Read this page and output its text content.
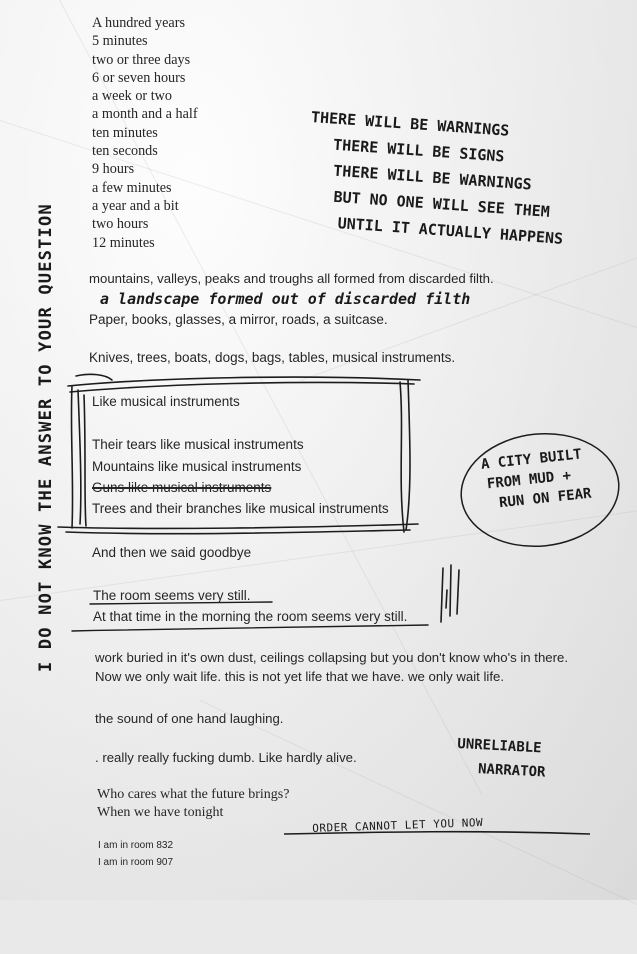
A hundred years
5 minutes
two or three days
6 or seven hours
a week or two
a month and a half
ten minutes
ten seconds
9 hours
a few minutes
a year and a bit
two hours
12 minutes
THERE WILL BE WARNINGS
THERE WILL BE SIGNS
THERE WILL BE WARNINGS
BUT NO ONE WILL SEE THEM
UNTIL IT ACTUALLY HAPPENS
I DO NOT KNOW THE ANSWER TO YOUR QUESTION	mountains, valleys, peaks and troughs all formed from discarded filth.
a landscape formed out of discarded filth
Paper, books, glasses, a mirror, roads, a suitcase.
Knives, trees, boats, dogs, bags, tables, musical instruments.
Like musical instruments
Their tears like musical instruments
Mountains like musical instruments
Guns like musical instruments
Trees and their branches like musical instruments
A CITY BUILT
FROM MUD +
RUN ON FEAR
And then we said goodbye
The room seems very still.
At that time in the morning the room seems very still.
work buried in it's own dust, ceilings collapsing but you don't know who's in there.
Now we only wait life. this is not yet life that we have. we only wait life.
the sound of one hand laughing.
. really really fucking dumb. Like hardly alive.
UNRELIABLE
NARRATOR
Who cares what the future brings?
When we have tonight
ORDER CANNOT LET YOU NOW
I am in room 832
I am in room 907
